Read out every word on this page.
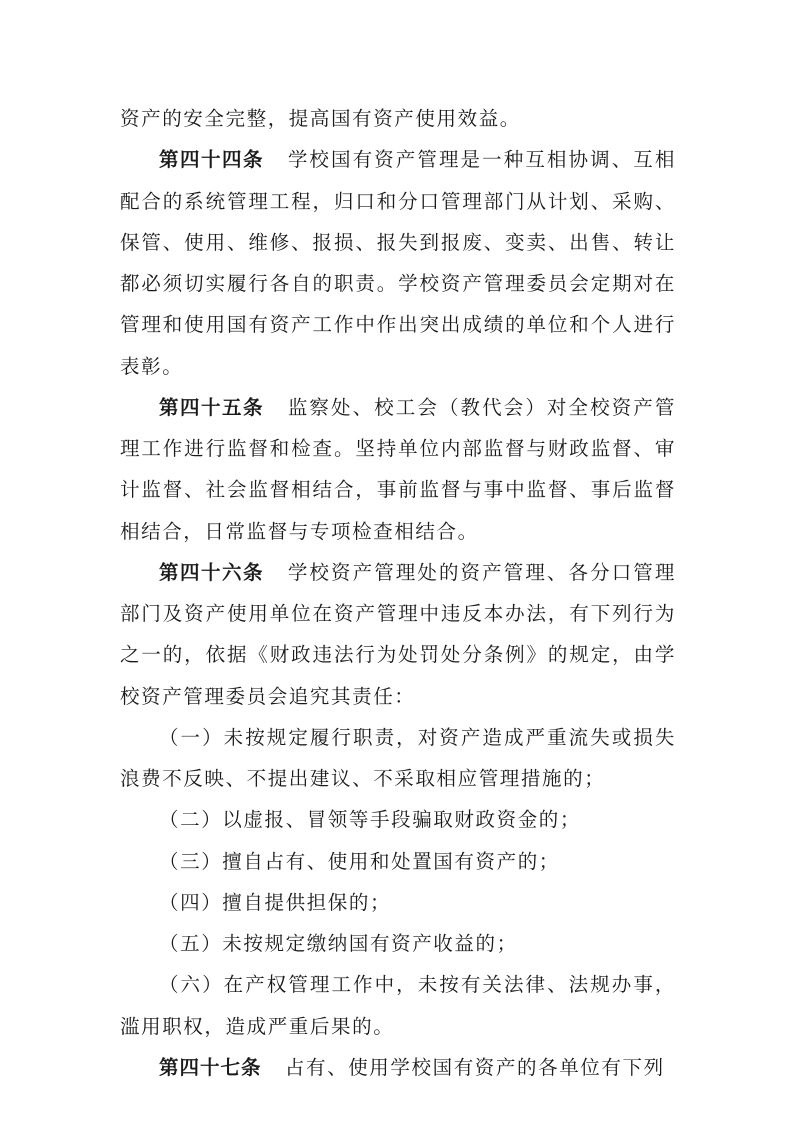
资产的安全完整，提高国有资产使用效益。

第四十四条 学校国有资产管理是一种互相协调、互相配合的系统管理工程，归口和分口管理部门从计划、采购、保管、使用、维修、报损、报失到报废、变卖、出售、转让都必须切实履行各自的职责。学校资产管理委员会定期对在管理和使用国有资产工作中作出突出成绩的单位和个人进行表彰。

第四十五条 监察处、校工会（教代会）对全校资产管理工作进行监督和检查。坚持单位内部监督与财政监督、审计监督、社会监督相结合，事前监督与事中监督、事后监督相结合，日常监督与专项检查相结合。

第四十六条 学校资产管理处的资产管理、各分口管理部门及资产使用单位在资产管理中违反本办法，有下列行为之一的，依据《财政违法行为处罚处分条例》的规定，由学校资产管理委员会追究其责任：

（一）未按规定履行职责，对资产造成严重流失或损失浪费不反映、不提出建议、不采取相应管理措施的；

（二）以虚报、冒领等手段骗取财政资金的；

（三）擅自占有、使用和处置国有资产的；

（四）擅自提供担保的；

（五）未按规定缴纳国有资产收益的；

（六）在产权管理工作中，未按有关法律、法规办事，滥用职权，造成严重后果的。

第四十七条 占有、使用学校国有资产的各单位有下列
